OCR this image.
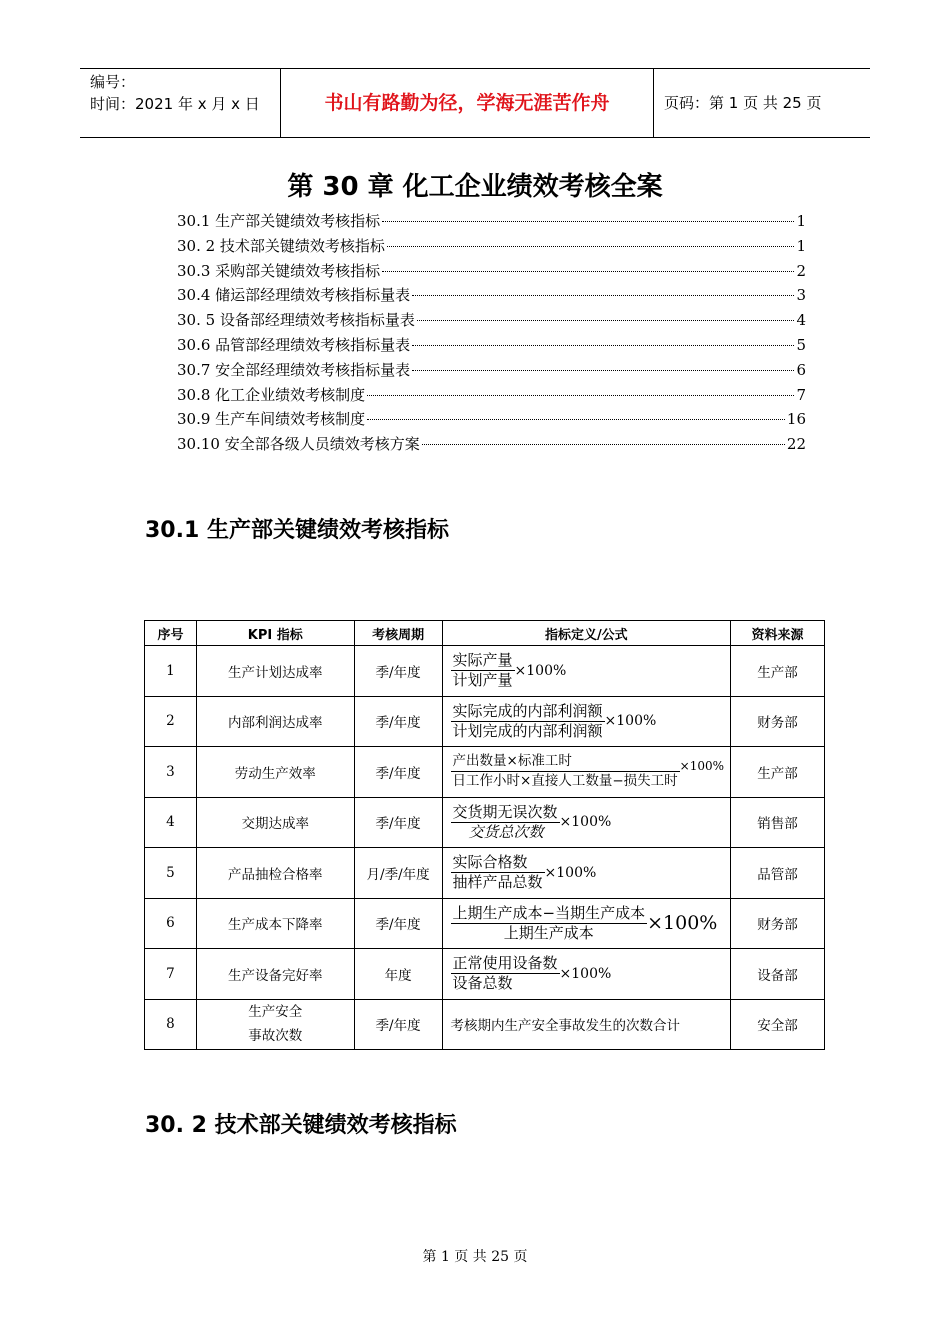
编号：
时间：2021 年 x 月 x 日	书山有路勤为径，学海无涯苦作舟	页码：第 1 页 共 25 页
第 30 章 化工企业绩效考核全案
30.1 生产部关键绩效考核指标	1
30. 2 技术部关键绩效考核指标	1
30.3 采购部关键绩效考核指标	2
30.4 储运部经理绩效考核指标量表	3
30. 5 设备部经理绩效考核指标量表	4
30.6 品管部经理绩效考核指标量表	5
30.7 安全部经理绩效考核指标量表	6
30.8 化工企业绩效考核制度	7
30.9 生产车间绩效考核制度	16
30.10 安全部各级人员绩效考核方案	22
30.1 生产部关键绩效考核指标
序号	KPI 指标	考核周期	指标定义/公式	资料来源
1	生产计划达成率	季/年度	$\frac{\text{实际产量}}{\text{计划产量}} \times 100\%$	生产部
2	内部利润达成率	季/年度	$\frac{\text{实际完成的内部利润额}}{\text{计划完成的内部利润额}} \times 100\%$	财务部
3	劳动生产效率	季/年度	$\frac{\text{产出数量×标准工时}}{\text{日工作小时×直接人工数量−损失工时}} \times 100\%$	生产部
4	交期达成率	季/年度	$\frac{\text{交货期无误次数}}{\text{交货总次数}} \times 100\%$	销售部
5	产品抽检合格率	月/季/年度	$\frac{\text{实际合格数}}{\text{抽样产品总数}} \times 100\%$	品管部
6	生产成本下降率	季/年度	$\frac{\text{上期生产成本−当期生产成本}}{\text{上期生产成本}} \times 100\%$	财务部
7	生产设备完好率	年度	$\frac{\text{正常使用设备数}}{\text{设备总数}} \times 100\%$	设备部
8	生产安全
事故次数	季/年度	考核期内生产安全事故发生的次数合计	安全部
30. 2 技术部关键绩效考核指标
第 1 页 共 25 页
